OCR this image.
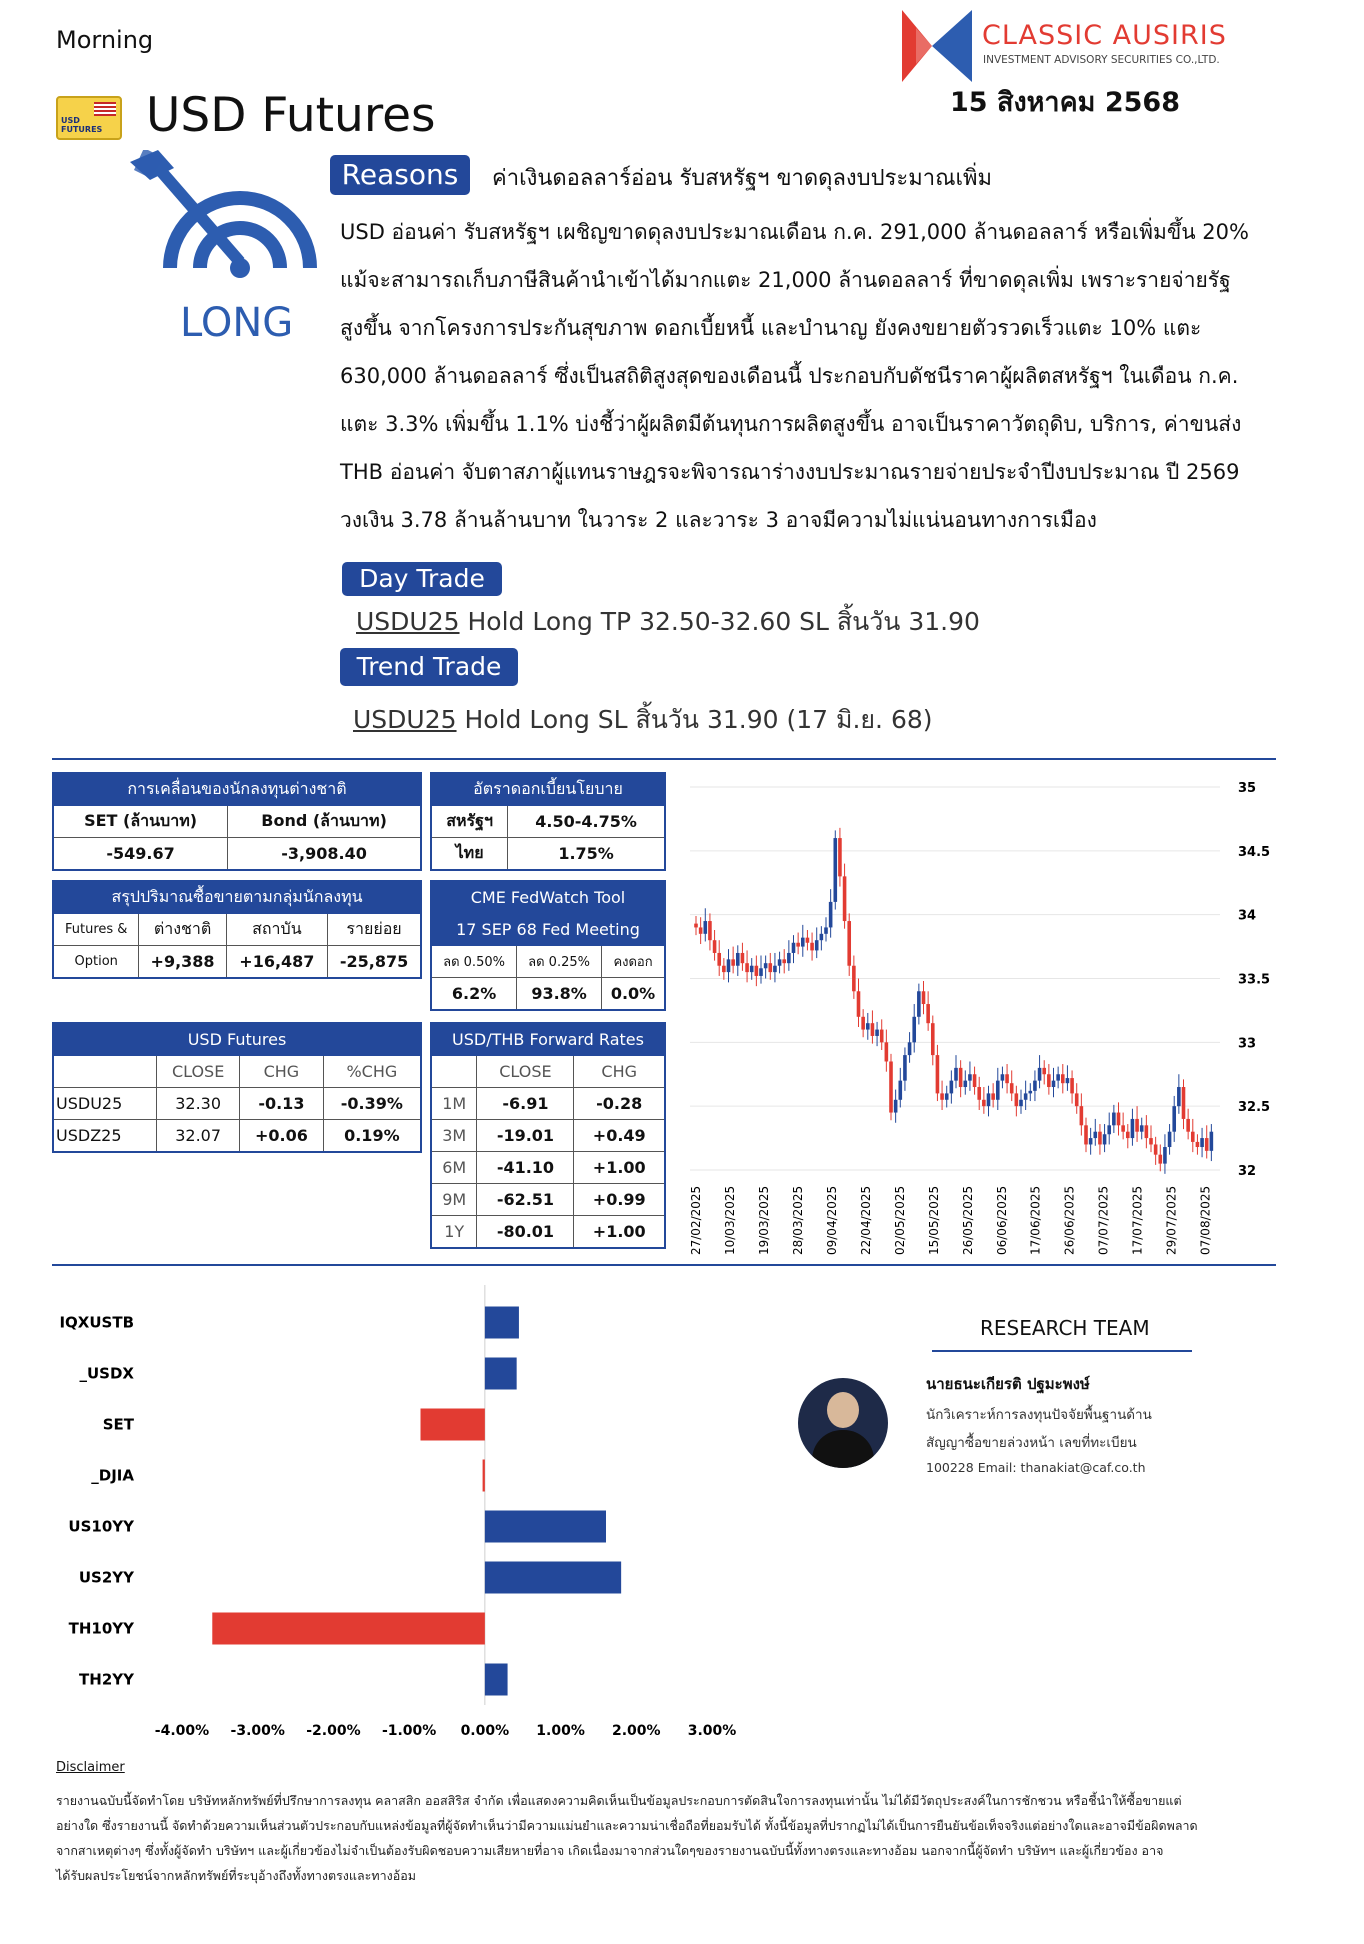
Morning	CLASSIC AUSIRIS
INVESTMENT ADVISORY SECURITIES CO.,LTD.
15 สิงหาคม 2568
USD FUTURES USD Futures
LONG
Reasons	ค่าเงินดอลลาร์อ่อน รับสหรัฐฯ ขาดดุลงบประมาณเพิ่ม
USD อ่อนค่า รับสหรัฐฯ เผชิญขาดดุลงบประมาณเดือน ก.ค. 291,000 ล้านดอลลาร์ หรือเพิ่มขึ้น 20%
แม้จะสามารถเก็บภาษีสินค้านำเข้าได้มากแตะ 21,000 ล้านดอลลาร์ ที่ขาดดุลเพิ่ม เพราะรายจ่ายรัฐ
สูงขึ้น จากโครงการประกันสุขภาพ ดอกเบี้ยหนี้ และบำนาญ ยังคงขยายตัวรวดเร็วแตะ 10% แตะ
630,000 ล้านดอลลาร์ ซึ่งเป็นสถิติสูงสุดของเดือนนี้ ประกอบกับดัชนีราคาผู้ผลิตสหรัฐฯ ในเดือน ก.ค.
แตะ 3.3% เพิ่มขึ้น 1.1% บ่งชี้ว่าผู้ผลิตมีต้นทุนการผลิตสูงขึ้น อาจเป็นราคาวัตถุดิบ, บริการ, ค่าขนส่ง
THB อ่อนค่า จับตาสภาผู้แทนราษฎรจะพิจารณาร่างงบประมาณรายจ่ายประจำปีงบประมาณ ปี 2569
วงเงิน 3.78 ล้านล้านบาท ในวาระ 2 และวาระ 3 อาจมีความไม่แน่นอนทางการเมือง
Day Trade
USDU25 Hold Long TP 32.50-32.60 SL สิ้นวัน 31.90
Trend Trade
USDU25 Hold Long SL สิ้นวัน 31.90 (17 มิ.ย. 68)
การเคลื่อนของนักลงทุนต่างชาติ	
SET (ล้านบาท)	Bond (ล้านบาท)
-549.67	-3,908.40
อัตราดอกเบี้ยนโยบาย	
สหรัฐฯ	4.50-4.75%
ไทย	1.75%
สรุปปริมาณซื้อขายตามกลุ่มนักลงทุน			
Futures &	ต่างชาติ	สถาบัน	รายย่อย
Option	+9,388	+16,487	-25,875
CME FedWatch Tool		
17 SEP 68 Fed Meeting		
ลด 0.50%	ลด 0.25%	คงดอก
6.2%	93.8%	0.0%
USD Futures			
	CLOSE	CHG	%CHG
USDU25	32.30	-0.13	-0.39%
USDZ25	32.07	+0.06	0.19%
USD/THB Forward Rates		
	CLOSE	CHG
1M	-6.91	-0.28
3M	-19.01	+0.49
6M	-41.10	+1.00
9M	-62.51	+0.99
1Y	-80.01	+1.00
35
34.5
34
33.5
33
32.5
32
27/02/2025 10/03/2025 19/03/2025 28/03/2025 09/04/2025 22/04/2025 02/05/2025 15/05/2025 26/05/2025 06/06/2025 17/06/2025 26/06/2025 07/07/2025 17/07/2025 29/07/2025 07/08/2025
IQXUSTB
_USDX
SET
_DJIA
US10YY
US2YY
TH10YY
TH2YY
-4.00% -3.00% -2.00% -1.00% 0.00% 1.00% 2.00% 3.00%
RESEARCH TEAM
นายธนะเกียรติ ปฐมะพงษ์
นักวิเคราะห์การลงทุนปัจจัยพื้นฐานด้าน
สัญญาซื้อขายล่วงหน้า เลขที่ทะเบียน
100228 Email: thanakiat@caf.co.th
Disclaimer
รายงานฉบับนี้จัดทำโดย บริษัทหลักทรัพย์ที่ปรึกษาการลงทุน คลาสสิก ออสสิริส จำกัด เพื่อแสดงความคิดเห็นเป็นข้อมูลประกอบการตัดสินใจการลงทุนเท่านั้น ไม่ได้มีวัตถุประสงค์ในการชักชวน หรือชี้นำให้ซื้อขายแต่
อย่างใด ซึ่งรายงานนี้ จัดทำด้วยความเห็นส่วนตัวประกอบกับแหล่งข้อมูลที่ผู้จัดทำเห็นว่ามีความแม่นยำและความน่าเชื่อถือที่ยอมรับได้ ทั้งนี้ข้อมูลที่ปรากฏไม่ได้เป็นการยืนยันข้อเท็จจริงแต่อย่างใดและอาจมีข้อผิดพลาด
จากสาเหตุต่างๆ ซึ่งทั้งผู้จัดทำ บริษัทฯ และผู้เกี่ยวข้องไม่จำเป็นต้องรับผิดชอบความเสียหายที่อาจ เกิดเนื่องมาจากส่วนใดๆของรายงานฉบับนี้ทั้งทางตรงและทางอ้อม นอกจากนี้ผู้จัดทำ บริษัทฯ และผู้เกี่ยวข้อง อาจ
ได้รับผลประโยชน์จากหลักทรัพย์ที่ระบุอ้างถึงทั้งทางตรงและทางอ้อม
